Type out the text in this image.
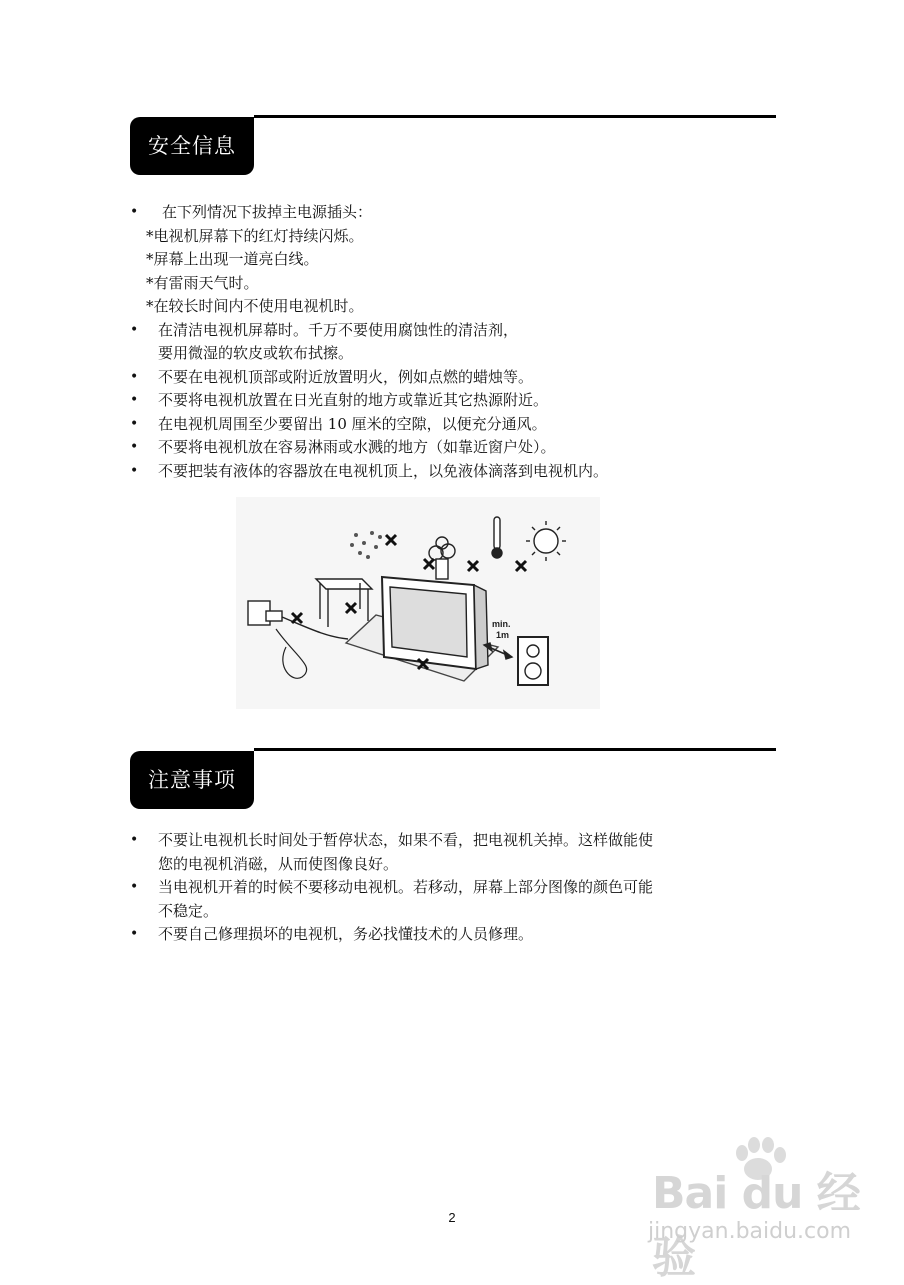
安全信息
• 在下列情况下拔掉主电源插头：
*电视机屏幕下的红灯持续闪烁。
*屏幕上出现一道亮白线。
*有雷雨天气时。
*在较长时间内不使用电视机时。
• 在清洁电视机屏幕时。千万不要使用腐蚀性的清洁剂，
要用微湿的软皮或软布拭擦。
• 不要在电视机顶部或附近放置明火，例如点燃的蜡烛等。
• 不要将电视机放置在日光直射的地方或靠近其它热源附近。
• 在电视机周围至少要留出 10 厘米的空隙，以便充分通风。
• 不要将电视机放在容易淋雨或水溅的地方（如靠近窗户处）。
• 不要把装有液体的容器放在电视机顶上，以免液体滴落到电视机内。
min.
1m
注意事项
• 不要让电视机长时间处于暂停状态，如果不看，把电视机关掉。这样做能使
您的电视机消磁，从而使图像良好。
• 当电视机开着的时候不要移动电视机。若移动，屏幕上部分图像的颜色可能
不稳定。
• 不要自己修理损坏的电视机，务必找懂技术的人员修理。
Bai du 经验
jingyan.baidu.com
2
